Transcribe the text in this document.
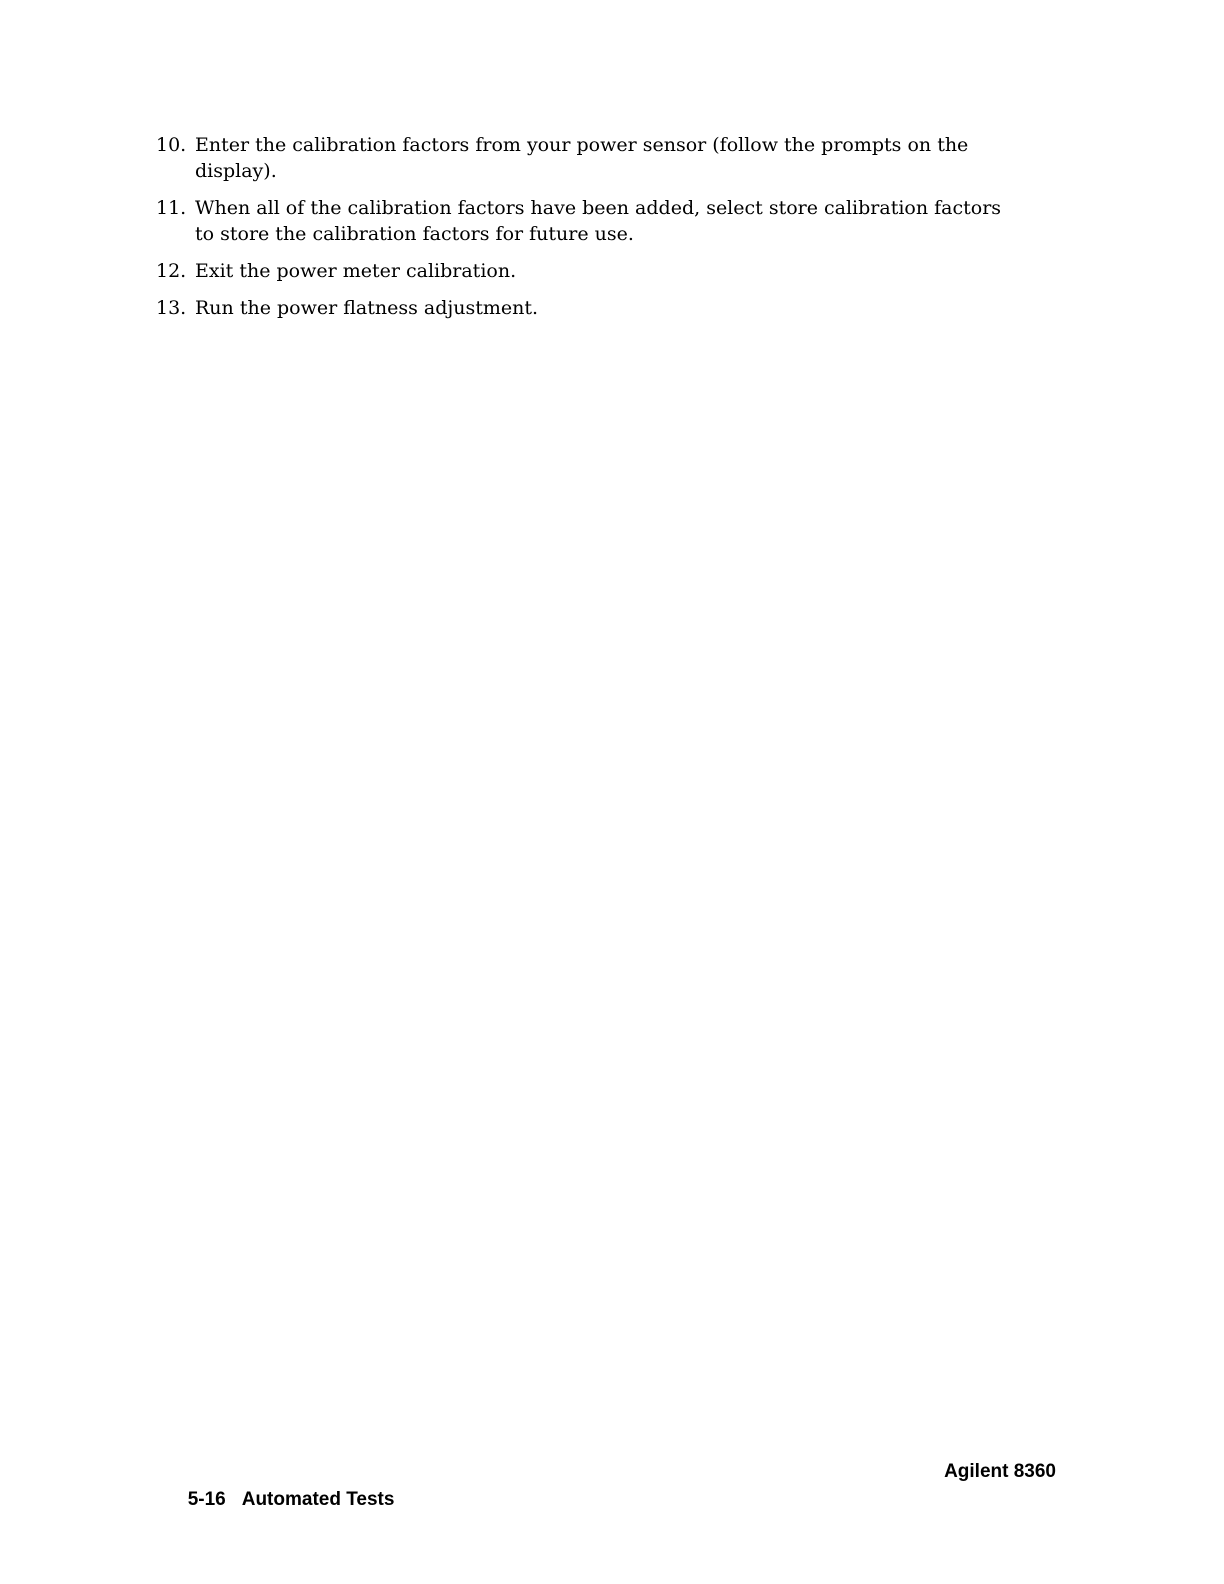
10. Enter the calibration factors from your power sensor (follow the prompts on the display).
11. When all of the calibration factors have been added, select store calibration factors to store the calibration factors for future use.
12. Exit the power meter calibration.
13. Run the power flatness adjustment.

5-16 Automated Tests

Agilent 8360
